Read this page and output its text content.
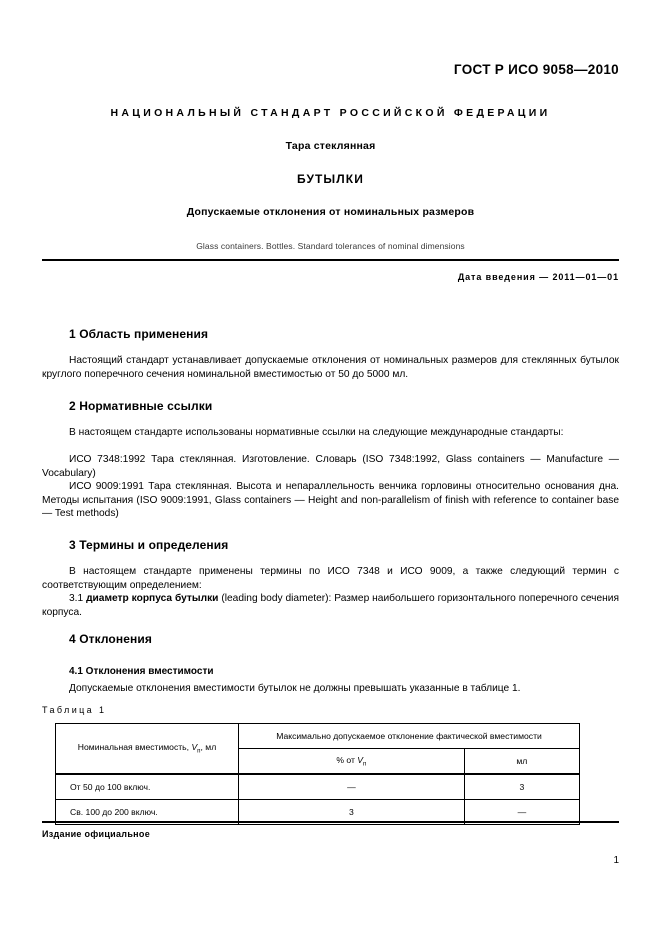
ГОСТ Р ИСО 9058—2010
НАЦИОНАЛЬНЫЙ СТАНДАРТ РОССИЙСКОЙ ФЕДЕРАЦИИ
Тара стеклянная
БУТЫЛКИ
Допускаемые отклонения от номинальных размеров
Glass containers. Bottles. Standard tolerances of nominal dimensions
Дата введения — 2011—01—01
1 Область применения

Настоящий стандарт устанавливает допускаемые отклонения от номинальных размеров для стеклянных бутылок круглого поперечного сечения номинальной вместимостью от 50 до 5000 мл.

2 Нормативные ссылки

В настоящем стандарте использованы нормативные ссылки на следующие международные стандарты:

ИСО 7348:1992 Тара стеклянная. Изготовление. Словарь (ISO 7348:1992, Glass containers — Manufacture — Vocabulary)

ИСО 9009:1991 Тара стеклянная. Высота и непараллельность венчика горловины относительно основания дна. Методы испытания (ISO 9009:1991, Glass containers — Height and non-parallelism of finish with reference to container base — Test methods)

3 Термины и определения

В настоящем стандарте применены термины по ИСО 7348 и ИСО 9009, а также следующий термин с соответствующим определением:

3.1 диаметр корпуса бутылки (leading body diameter): Размер наибольшего горизонтального поперечного сечения корпуса.

4 Отклонения
4.1 Отклонения вместимости

Допускаемые отклонения вместимости бутылок не должны превышать указанные в таблице 1.

Таблица 1
Номинальная вместимость, $V_п$, мл	Максимально допускаемое отклонение фактической вместимости	
	% от $V_п$	мл
От 50 до 100 включ.	—	3
Св. 100 до 200 включ.	3	—
Издание официальное
1
